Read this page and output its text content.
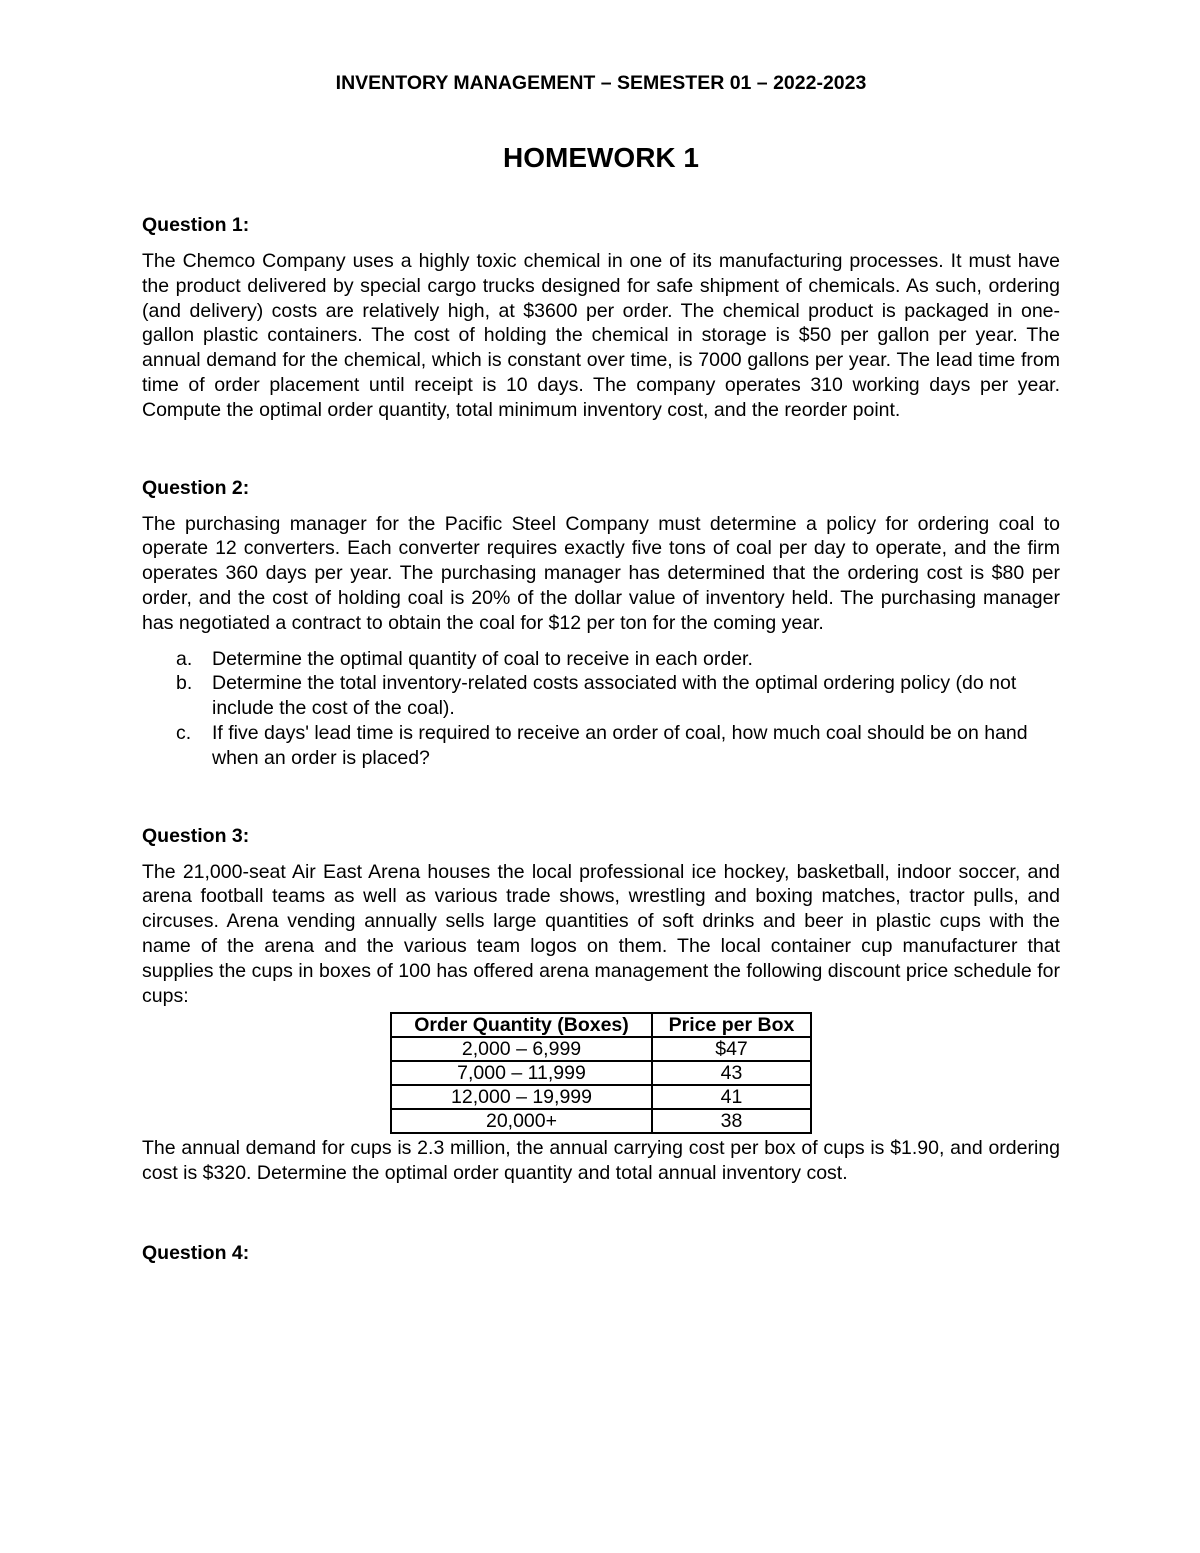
INVENTORY MANAGEMENT – SEMESTER 01 – 2022-2023

HOMEWORK 1

Question 1:

The Chemco Company uses a highly toxic chemical in one of its manufacturing processes. It must have the product delivered by special cargo trucks designed for safe shipment of chemicals. As such, ordering (and delivery) costs are relatively high, at $3600 per order. The chemical product is packaged in one-gallon plastic containers. The cost of holding the chemical in storage is $50 per gallon per year. The annual demand for the chemical, which is constant over time, is 7000 gallons per year. The lead time from time of order placement until receipt is 10 days. The company operates 310 working days per year. Compute the optimal order quantity, total minimum inventory cost, and the reorder point.

Question 2:

The purchasing manager for the Pacific Steel Company must determine a policy for ordering coal to operate 12 converters. Each converter requires exactly five tons of coal per day to operate, and the firm operates 360 days per year. The purchasing manager has determined that the ordering cost is $80 per order, and the cost of holding coal is 20% of the dollar value of inventory held. The purchasing manager has negotiated a contract to obtain the coal for $12 per ton for the coming year.

a. Determine the optimal quantity of coal to receive in each order.
b. Determine the total inventory-related costs associated with the optimal ordering policy (do not include the cost of the coal).
c. If five days' lead time is required to receive an order of coal, how much coal should be on hand when an order is placed?

Question 3:

The 21,000-seat Air East Arena houses the local professional ice hockey, basketball, indoor soccer, and arena football teams as well as various trade shows, wrestling and boxing matches, tractor pulls, and circuses. Arena vending annually sells large quantities of soft drinks and beer in plastic cups with the name of the arena and the various team logos on them. The local container cup manufacturer that supplies the cups in boxes of 100 has offered arena management the following discount price schedule for cups:

Order Quantity (Boxes)	Price per Box
2,000 – 6,999	$47
7,000 – 11,999	43
12,000 – 19,999	41
20,000+	38

The annual demand for cups is 2.3 million, the annual carrying cost per box of cups is $1.90, and ordering cost is $320. Determine the optimal order quantity and total annual inventory cost.

Question 4:
